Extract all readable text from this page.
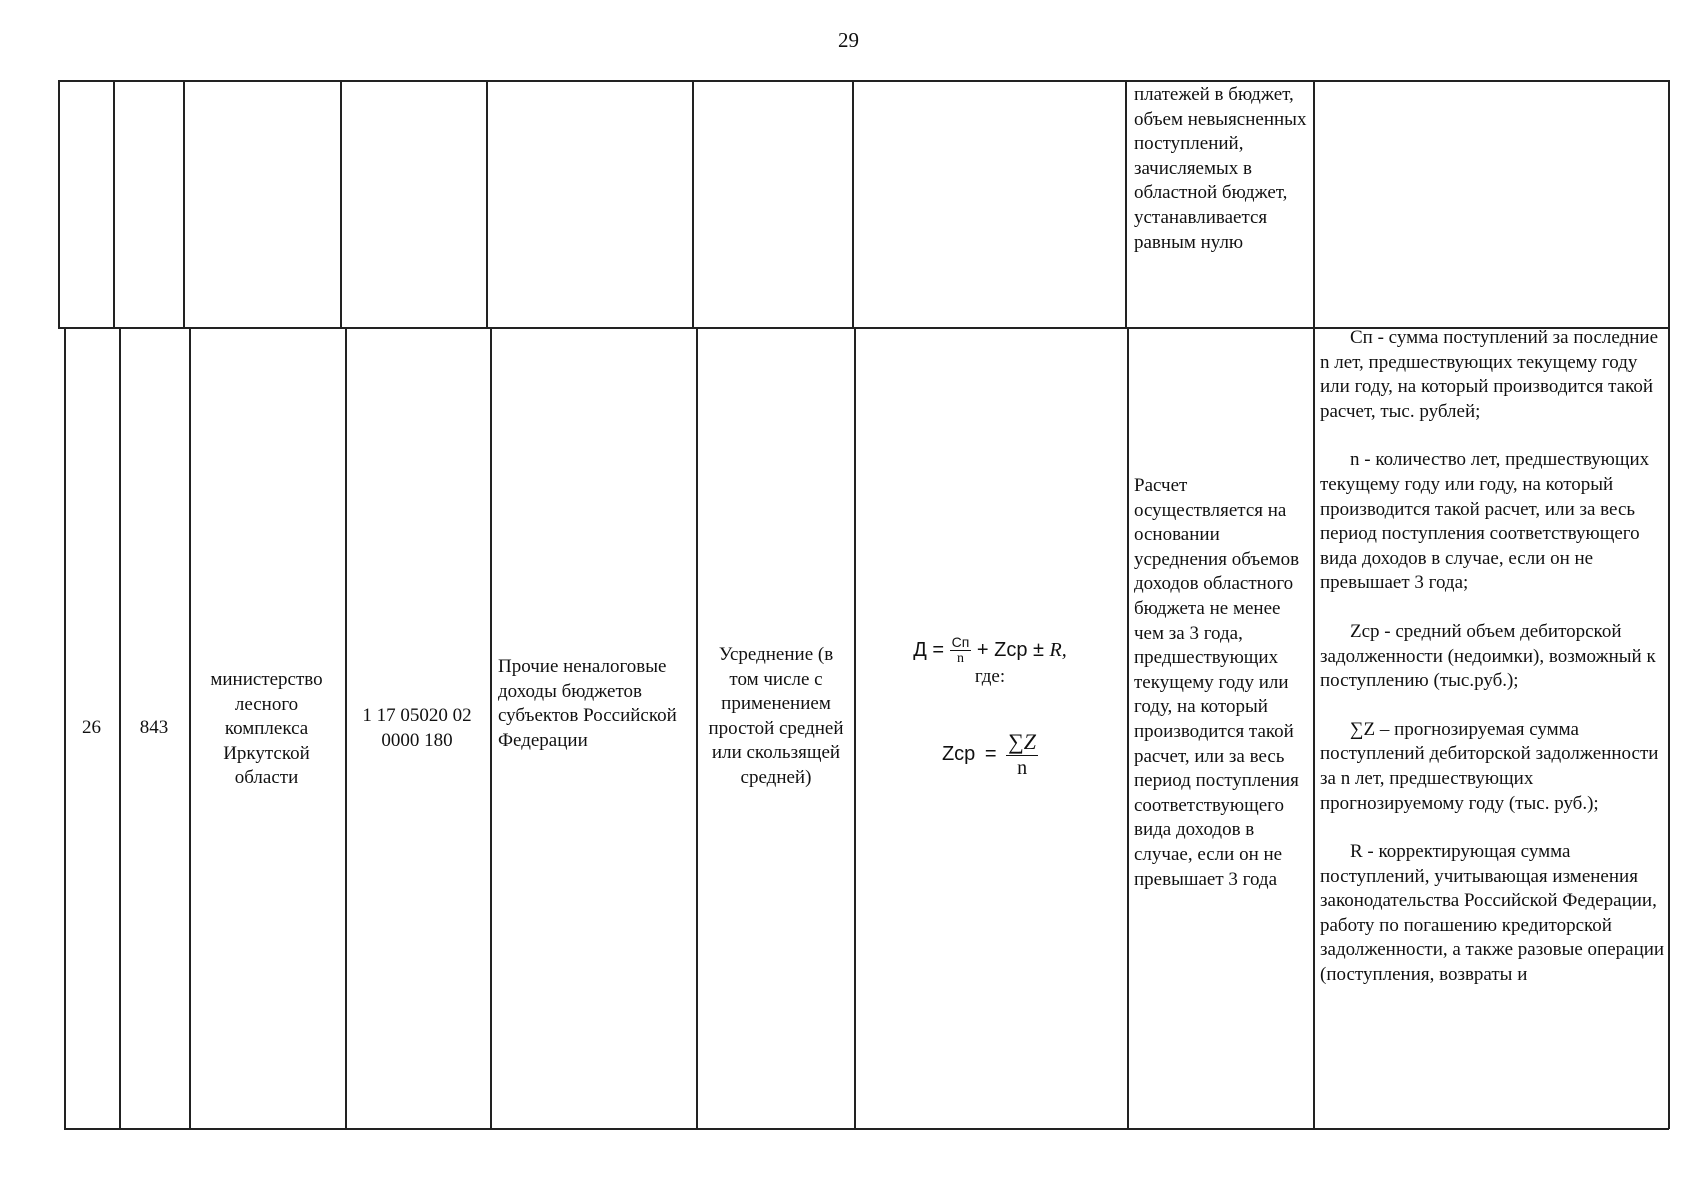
29
платежей в бюджет, объем невыясненных поступлений, зачисляемых в областной бюджет, устанавливается равным нулю
26	843
министерство лесного комплекса Иркутской области
1 17 05020 02 0000 180
Прочие неналоговые доходы бюджетов субъектов Российской Федерации
Усреднение (в том числе с применением простой средней или скользящей средней)
$Д = \frac{Cп}{n}$ + Zср ± R,
где:
Zср = $\frac{\sum Z}{n}$
Расчет осуществляется на основании усреднения объемов доходов областного бюджета не менее чем за 3 года, предшествующих текущему году или году, на который производится такой расчет, или за весь период поступления соответствующего вида доходов в случае, если он не превышает 3 года

Cп - сумма поступлений за последние n лет, предшествующих текущему году или году, на который производится такой расчет, тыс. рублей;

n - количество лет, предшествующих текущему году или году, на который производится такой расчет, или за весь период поступления соответствующего вида доходов в случае, если он не превышает 3 года;

Zср - средний объем дебиторской задолженности (недоимки), возможный к поступлению (тыс.руб.);

∑Z – прогнозируемая сумма поступлений дебиторской задолженности за n лет, предшествующих прогнозируемому году (тыс. руб.);

R - корректирующая сумма поступлений, учитывающая изменения законодательства Российской Федерации, работу по погашению кредиторской задолженности, а также разовые операции (поступления, возвраты и
